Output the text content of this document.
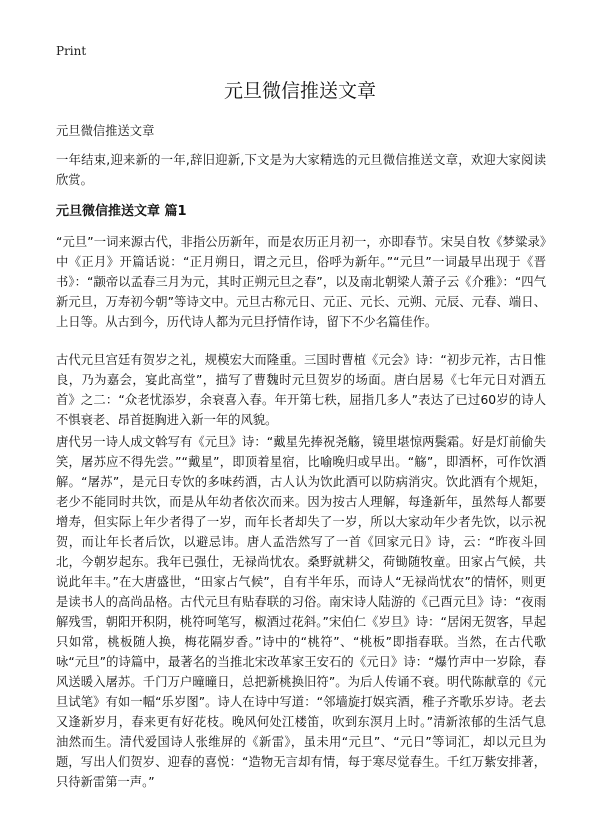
Print
元旦微信推送文章

元旦微信推送文章

一年结束,迎来新的一年,辞旧迎新,下文是为大家精选的元旦微信推送文章，欢迎大家阅读欣赏。

元旦微信推送文章 篇1

“元旦”一词来源古代，非指公历新年，而是农历正月初一，亦即春节。宋吴自牧《梦粱录》中《正月》开篇话说：“正月朔日，谓之元旦，俗呼为新年。”“元旦”一词最早出现于《晋书》：“颛帝以孟春三月为元，其时正朔元旦之春”，以及南北朝梁人萧子云《介雅》：“四气新元旦，万寿初今朝”等诗文中。元旦古称元日、元正、元长、元朔、元辰、元春、端日、上日等。从古到今，历代诗人都为元旦抒情作诗，留下不少名篇佳作。

古代元旦宫廷有贺岁之礼，规模宏大而隆重。三国时曹植《元会》诗：“初步元祚，古日惟良，乃为嘉会，宴此高堂”，描写了曹魏时元旦贺岁的场面。唐白居易《七年元日对酒五首》之二：“众老忧添岁，余衰喜入春。年开第七秩，屈指几多人”表达了已过60岁的诗人不惧衰老、昂首挺胸进入新一年的风貌。

唐代另一诗人成文斡写有《元旦》诗：“戴星先捧祝尧觞，镜里堪惊两鬓霜。好是灯前偷失笑，屠苏应不得先尝。”“戴星”，即顶着星宿，比喻晚归或早出。“觞”，即酒杯，可作饮酒解。“屠苏”，是元日专饮的多味药酒，古人认为饮此酒可以防病消灾。饮此酒有个规矩，老少不能同时共饮，而是从年幼者依次而来。因为按古人理解，每逢新年，虽然每人都要增寿，但实际上年少者得了一岁，而年长者却失了一岁，所以大家动年少者先饮，以示祝贺，而让年长者后饮，以避忌讳。唐人孟浩然写了一首《回家元日》诗，云：“昨夜斗回北，今朝岁起东。我年已强仕，无禄尚忧农。桑野就耕父，荷锄随牧童。田家占气候，共说此年丰。”在大唐盛世，“田家占气候”，自有半年乐，而诗人“无禄尚忧农”的情怀，则更是读书人的高尚品格。古代元旦有贴春联的习俗。南宋诗人陆游的《己酉元旦》诗：“夜雨解残雪，朝阳开积阴，桃符呵笔写，椒酒过花斜。”宋伯仁《岁旦》诗：“居闲无贺客，早起只如常，桃板随人换，梅花隔岁香。”诗中的“桃符”、“桃板”即指春联。当然，在古代歌咏“元旦”的诗篇中，最著名的当推北宋改革家王安石的《元日》诗：“爆竹声中一岁除，春风送暖入屠苏。千门万户曈曈日，总把新桃换旧符”。为后人传诵不衰。明代陈献章的《元旦试笔》有如一幅“乐岁图”。诗人在诗中写道：“邻墙旋打娱宾酒，稚子齐歌乐岁诗。老去又逢新岁月，春来更有好花枝。晚风何处江楼笛，吹到东溟月上时。”清新浓郁的生活气息油然而生。清代爱国诗人张维屏的《新雷》，虽未用“元旦”、“元日”等词汇，却以元旦为题，写出人们贺岁、迎春的喜悦：“造物无言却有情，每于寒尽觉春生。千红万紫安排著，只待新雷第一声。”
